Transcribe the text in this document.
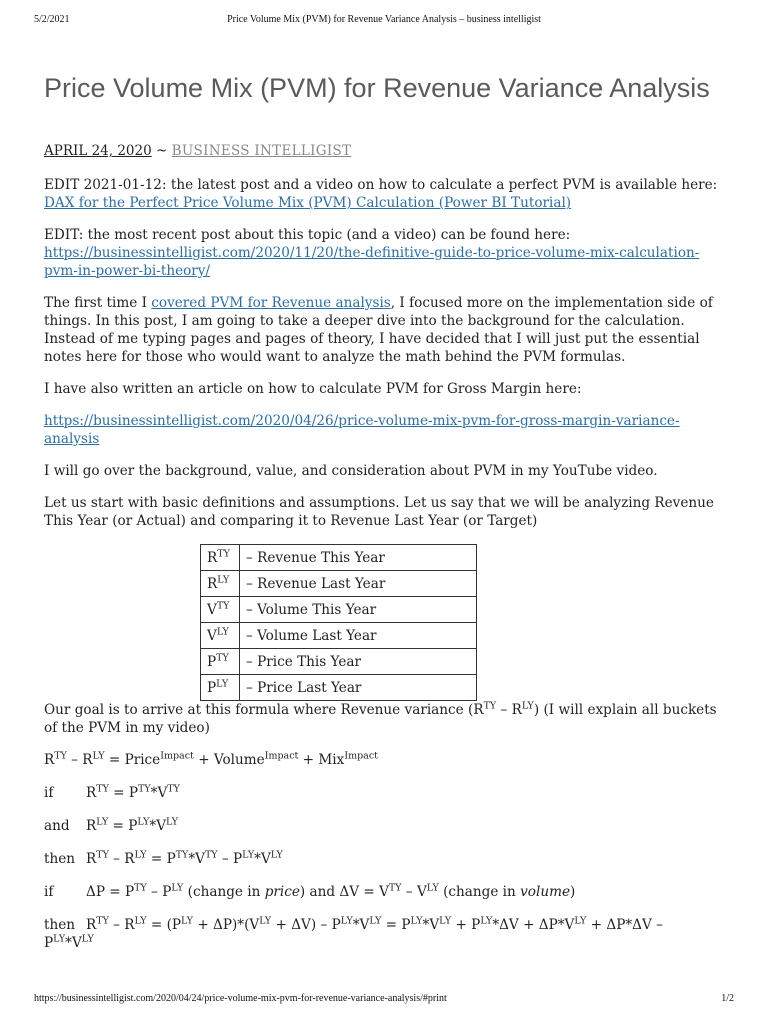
5/2/2021	Price Volume Mix (PVM) for Revenue Variance Analysis – business intelligist
Price Volume Mix (PVM) for Revenue Variance Analysis
APRIL 24, 2020 ~ BUSINESS INTELLIGIST

EDIT 2021-01-12: the latest post and a video on how to calculate a perfect PVM is available here: DAX for the Perfect Price Volume Mix (PVM) Calculation (Power BI Tutorial)

EDIT: the most recent post about this topic (and a video) can be found here: https://businessintelligist.com/2020/11/20/the-definitive-guide-to-price-volume-mix-calculation-pvm-in-power-bi-theory/

The first time I covered PVM for Revenue analysis, I focused more on the implementation side of things. In this post, I am going to take a deeper dive into the background for the calculation. Instead of me typing pages and pages of theory, I have decided that I will just put the essential notes here for those who would want to analyze the math behind the PVM formulas.

I have also written an article on how to calculate PVM for Gross Margin here:

https://businessintelligist.com/2020/04/26/price-volume-mix-pvm-for-gross-margin-variance-analysis

I will go over the background, value, and consideration about PVM in my YouTube video.

Let us start with basic definitions and assumptions. Let us say that we will be analyzing Revenue This Year (or Actual) and comparing it to Revenue Last Year (or Target)

$R^{TY}$	– Revenue This Year
$R^{LY}$	– Revenue Last Year
$V^{TY}$	– Volume This Year
$V^{LY}$	– Volume Last Year
$P^{TY}$	– Price This Year
$P^{LY}$	– Price Last Year

Our goal is to arrive at this formula where Revenue variance $(R^{TY} - R^{LY})$ (I will explain all buckets of the PVM in my video)

$R^{TY} - R^{LY}$ = Price$^{Impact}$ + Volume$^{Impact}$ + Mix$^{Impact}$
if $R^{TY} = P^{TY}*V^{TY}$
and $R^{LY} = P^{LY}*V^{LY}$
then $R^{TY} - R^{LY} = P^{TY}*V^{TY} - P^{LY}*V^{LY}$
if $\Delta P = P^{TY} - P^{LY}$ (change in price) and $\Delta V = V^{TY} - V^{LY}$ (change in volume)
then $R^{TY} - R^{LY} = (P^{LY} + \Delta P)*(V^{LY} + \Delta V) - P^{LY}*V^{LY} = P^{LY}*V^{LY} + P^{LY}*\Delta V + \Delta P*V^{LY} + \Delta P*\Delta V$ –
$P^{LY}*V^{LY}$
https://businessintelligist.com/2020/04/24/price-volume-mix-pvm-for-revenue-variance-analysis/#print	1/2
